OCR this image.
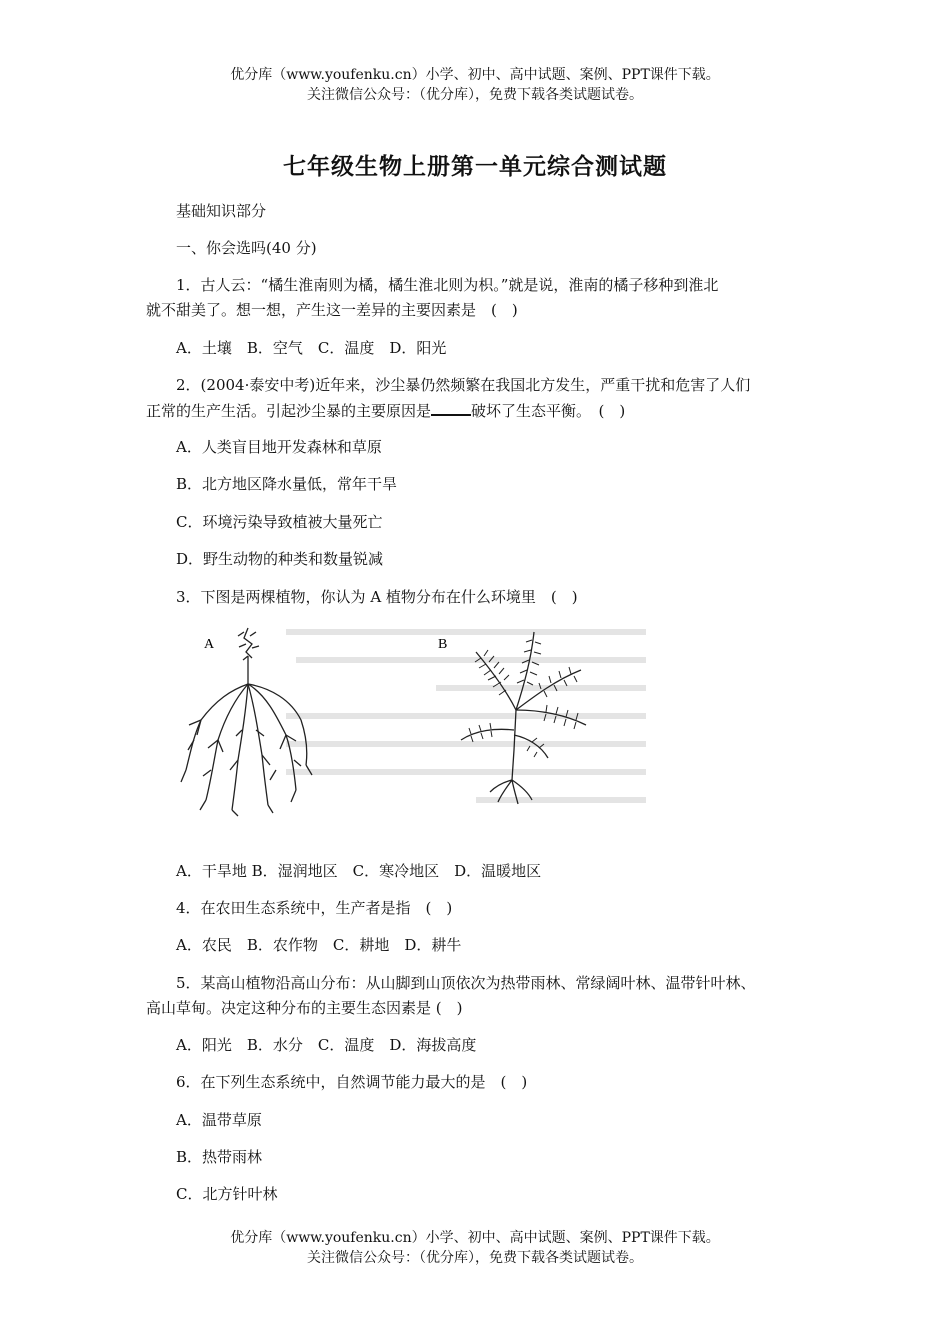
优分库（www.youfenku.cn）小学、初中、高中试题、案例、PPT课件下载。
关注微信公众号：（优分库），免费下载各类试题试卷。
七年级生物上册第一单元综合测试题
基础知识部分
一、你会选吗(40 分)
1．古人云：“橘生淮南则为橘，橘生淮北则为枳。”就是说，淮南的橘子移种到淮北
就不甜美了。想一想，产生这一差异的主要因素是　(　)
A．土壤　B．空气　C．温度　D．阳光
2．(2004·泰安中考)近年来，沙尘暴仍然频繁在我国北方发生，严重干扰和危害了人们
正常的生产生活。引起沙尘暴的主要原因是	破坏了生态平衡。　(　)
A．人类盲目地开发森林和草原
B．北方地区降水量低，常年干旱
C．环境污染导致植被大量死亡
D．野生动物的种类和数量锐减
3．下图是两棵植物，你认为 A 植物分布在什么环境里　(　)
A	B
A．干旱地 B．湿润地区　C．寒冷地区　D．温暖地区
4．在农田生态系统中，生产者是指　(　)
A．农民　B．农作物　C．耕地　D．耕牛
5．某高山植物沿高山分布：从山脚到山顶依次为热带雨林、常绿阔叶林、温带针叶林、
高山草甸。决定这种分布的主要生态因素是 (　)
A．阳光　B．水分　C．温度　D．海拔高度
6．在下列生态系统中，自然调节能力最大的是　(　)
A．温带草原
B．热带雨林
C．北方针叶林
优分库（www.youfenku.cn）小学、初中、高中试题、案例、PPT课件下载。
关注微信公众号：（优分库），免费下载各类试题试卷。
